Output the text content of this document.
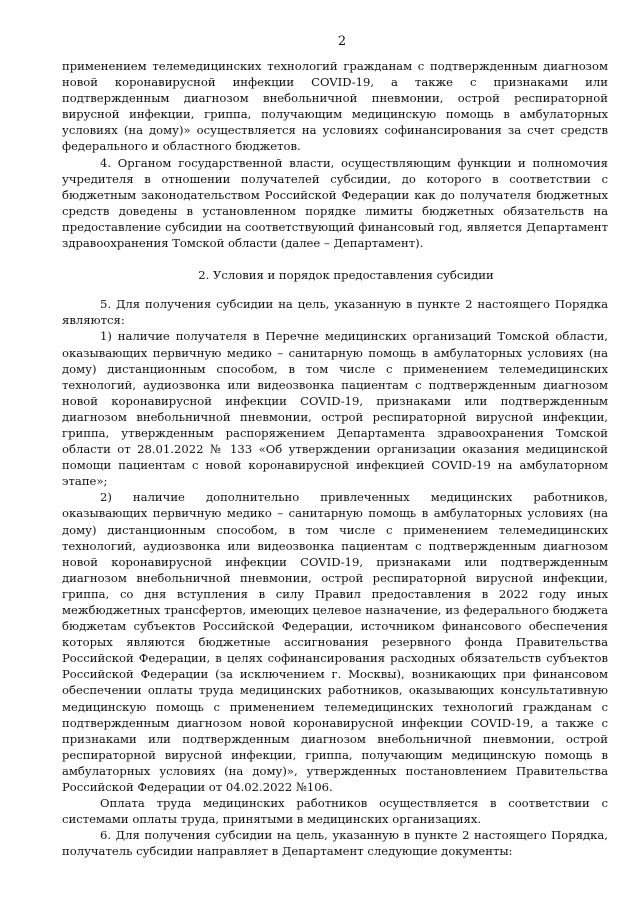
2

применением телемедицинских технологий гражданам с подтвержденным диагнозом новой коронавирусной инфекции COVID-19, а также с признаками или подтвержденным диагнозом внебольничной пневмонии, острой респираторной вирусной инфекции, гриппа, получающим медицинскую помощь в амбулаторных условиях (на дому)» осуществляется на условиях софинансирования за счет средств федерального и областного бюджетов.

4. Органом государственной власти, осуществляющим функции и полномочия учредителя в отношении получателей субсидии, до которого в соответствии с бюджетным законодательством Российской Федерации как до получателя бюджетных средств доведены в установленном порядке лимиты бюджетных обязательств на предоставление субсидии на соответствующий финансовый год, является Департамент здравоохранения Томской области (далее – Департамент).

2. Условия и порядок предоставления субсидии

5. Для получения субсидии на цель, указанную в пункте 2 настоящего Порядка являются:

1) наличие получателя в Перечне медицинских организаций Томской области, оказывающих первичную медико – санитарную помощь в амбулаторных условиях (на дому) дистанционным способом, в том числе с применением телемедицинских технологий, аудиозвонка или видеозвонка пациентам с подтвержденным диагнозом новой коронавирусной инфекции COVID-19, признаками или подтвержденным диагнозом внебольничной пневмонии, острой респираторной вирусной инфекции, гриппа, утвержденным распоряжением Департамента здравоохранения Томской области от 28.01.2022 № 133 «Об утверждении организации оказания медицинской помощи пациентам с новой коронавирусной инфекцией COVID-19 на амбулаторном этапе»;

2) наличие дополнительно привлеченных медицинских работников, оказывающих первичную медико – санитарную помощь в амбулаторных условиях (на дому) дистанционным способом, в том числе с применением телемедицинских технологий, аудиозвонка или видеозвонка пациентам с подтвержденным диагнозом новой коронавирусной инфекции COVID-19, признаками или подтвержденным диагнозом внебольничной пневмонии, острой респираторной вирусной инфекции, гриппа, со дня вступления в силу Правил предоставления в 2022 году иных межбюджетных трансфертов, имеющих целевое назначение, из федерального бюджета бюджетам субъектов Российской Федерации, источником финансового обеспечения которых являются бюджетные ассигнования резервного фонда Правительства Российской Федерации, в целях софинансирования расходных обязательств субъектов Российской Федерации (за исключением г. Москвы), возникающих при финансовом обеспечении оплаты труда медицинских работников, оказывающих консультативную медицинскую помощь с применением телемедицинских технологий гражданам с подтвержденным диагнозом новой коронавирусной инфекции COVID-19, а также с признаками или подтвержденным диагнозом внебольничной пневмонии, острой респираторной вирусной инфекции, гриппа, получающим медицинскую помощь в амбулаторных условиях (на дому)», утвержденных постановлением Правительства Российской Федерации от 04.02.2022 №106.

Оплата труда медицинских работников осуществляется в соответствии с системами оплаты труда, принятыми в медицинских организациях.

6. Для получения субсидии на цель, указанную в пункте 2 настоящего Порядка, получатель субсидии направляет в Департамент следующие документы:
